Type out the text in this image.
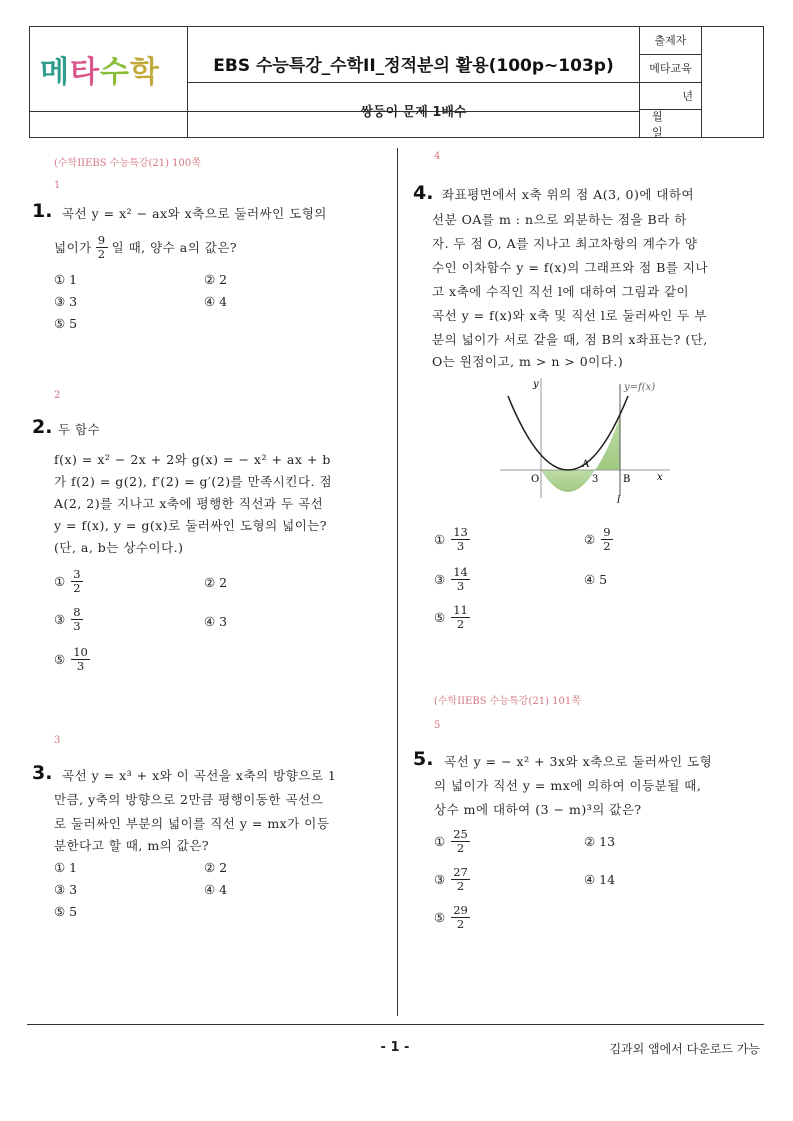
메 타 수 학	EBS 수능특강_수학II_정적분의 활용(100p~103p)
쌍둥이 문제 1배수
출제자
메타교육
년
월 일
(수학IIEBS 수능특강(21) 100쪽
1
1. 곡선 y = x² − ax와 x축으로 둘러싸인 도형의
넓이가 $\frac{9}{2}$ 일 때, 양수 a의 값은?
① 1	② 2
③ 3	④ 4
⑤ 5
2
2. 두 함수
f(x) = x² − 2x + 2와 g(x) = − x² + ax + b
가 f(2) = g(2), f′(2) = g′(2)를 만족시킨다. 점
A(2, 2)를 지나고 x축에 평행한 직선과 두 곡선
y = f(x), y = g(x)로 둘러싸인 도형의 넓이는?
(단, a, b는 상수이다.)
① $\frac{3}{2}$	② 2
③ $\frac{8}{3}$	④ 3
⑤ $\frac{10}{3}$
3
3. 곡선 y = x³ + x와 이 곡선을 x축의 방향으로 1
만큼, y축의 방향으로 2만큼 평행이동한 곡선으
로 둘러싸인 부분의 넓이를 직선 y = mx가 이등
분한다고 할 때, m의 값은?
① 1	② 2
③ 3	④ 4
⑤ 5
4
4. 좌표평면에서 x축 위의 점 A(3, 0)에 대하여
선분 OA를 m : n으로 외분하는 점을 B라 하
자. 두 점 O, A를 지나고 최고차항의 계수가 양
수인 이차함수 y = f(x)의 그래프와 점 B를 지나
고 x축에 수직인 직선 l에 대하여 그림과 같이
곡선 y = f(x)와 x축 및 직선 l로 둘러싸인 두 부
분의 넓이가 서로 같을 때, 점 B의 x좌표는? (단,
O는 원점이고, m > n > 0이다.)
y	y=f(x)
O
A
3 B	x
l
① $\frac{13}{3}$	② $\frac{9}{2}$
③ $\frac{14}{3}$	④ 5
⑤ $\frac{11}{2}$
(수학IIEBS 수능특강(21) 101쪽
5
5. 곡선 y = − x² + 3x와 x축으로 둘러싸인 도형
의 넓이가 직선 y = mx에 의하여 이등분될 때,
상수 m에 대하여 (3 − m)³의 값은?
① $\frac{25}{2}$	② 13
③ $\frac{27}{2}$	④ 14
⑤ $\frac{29}{2}$
- 1 -	김과외 앱에서 다운로드 가능
